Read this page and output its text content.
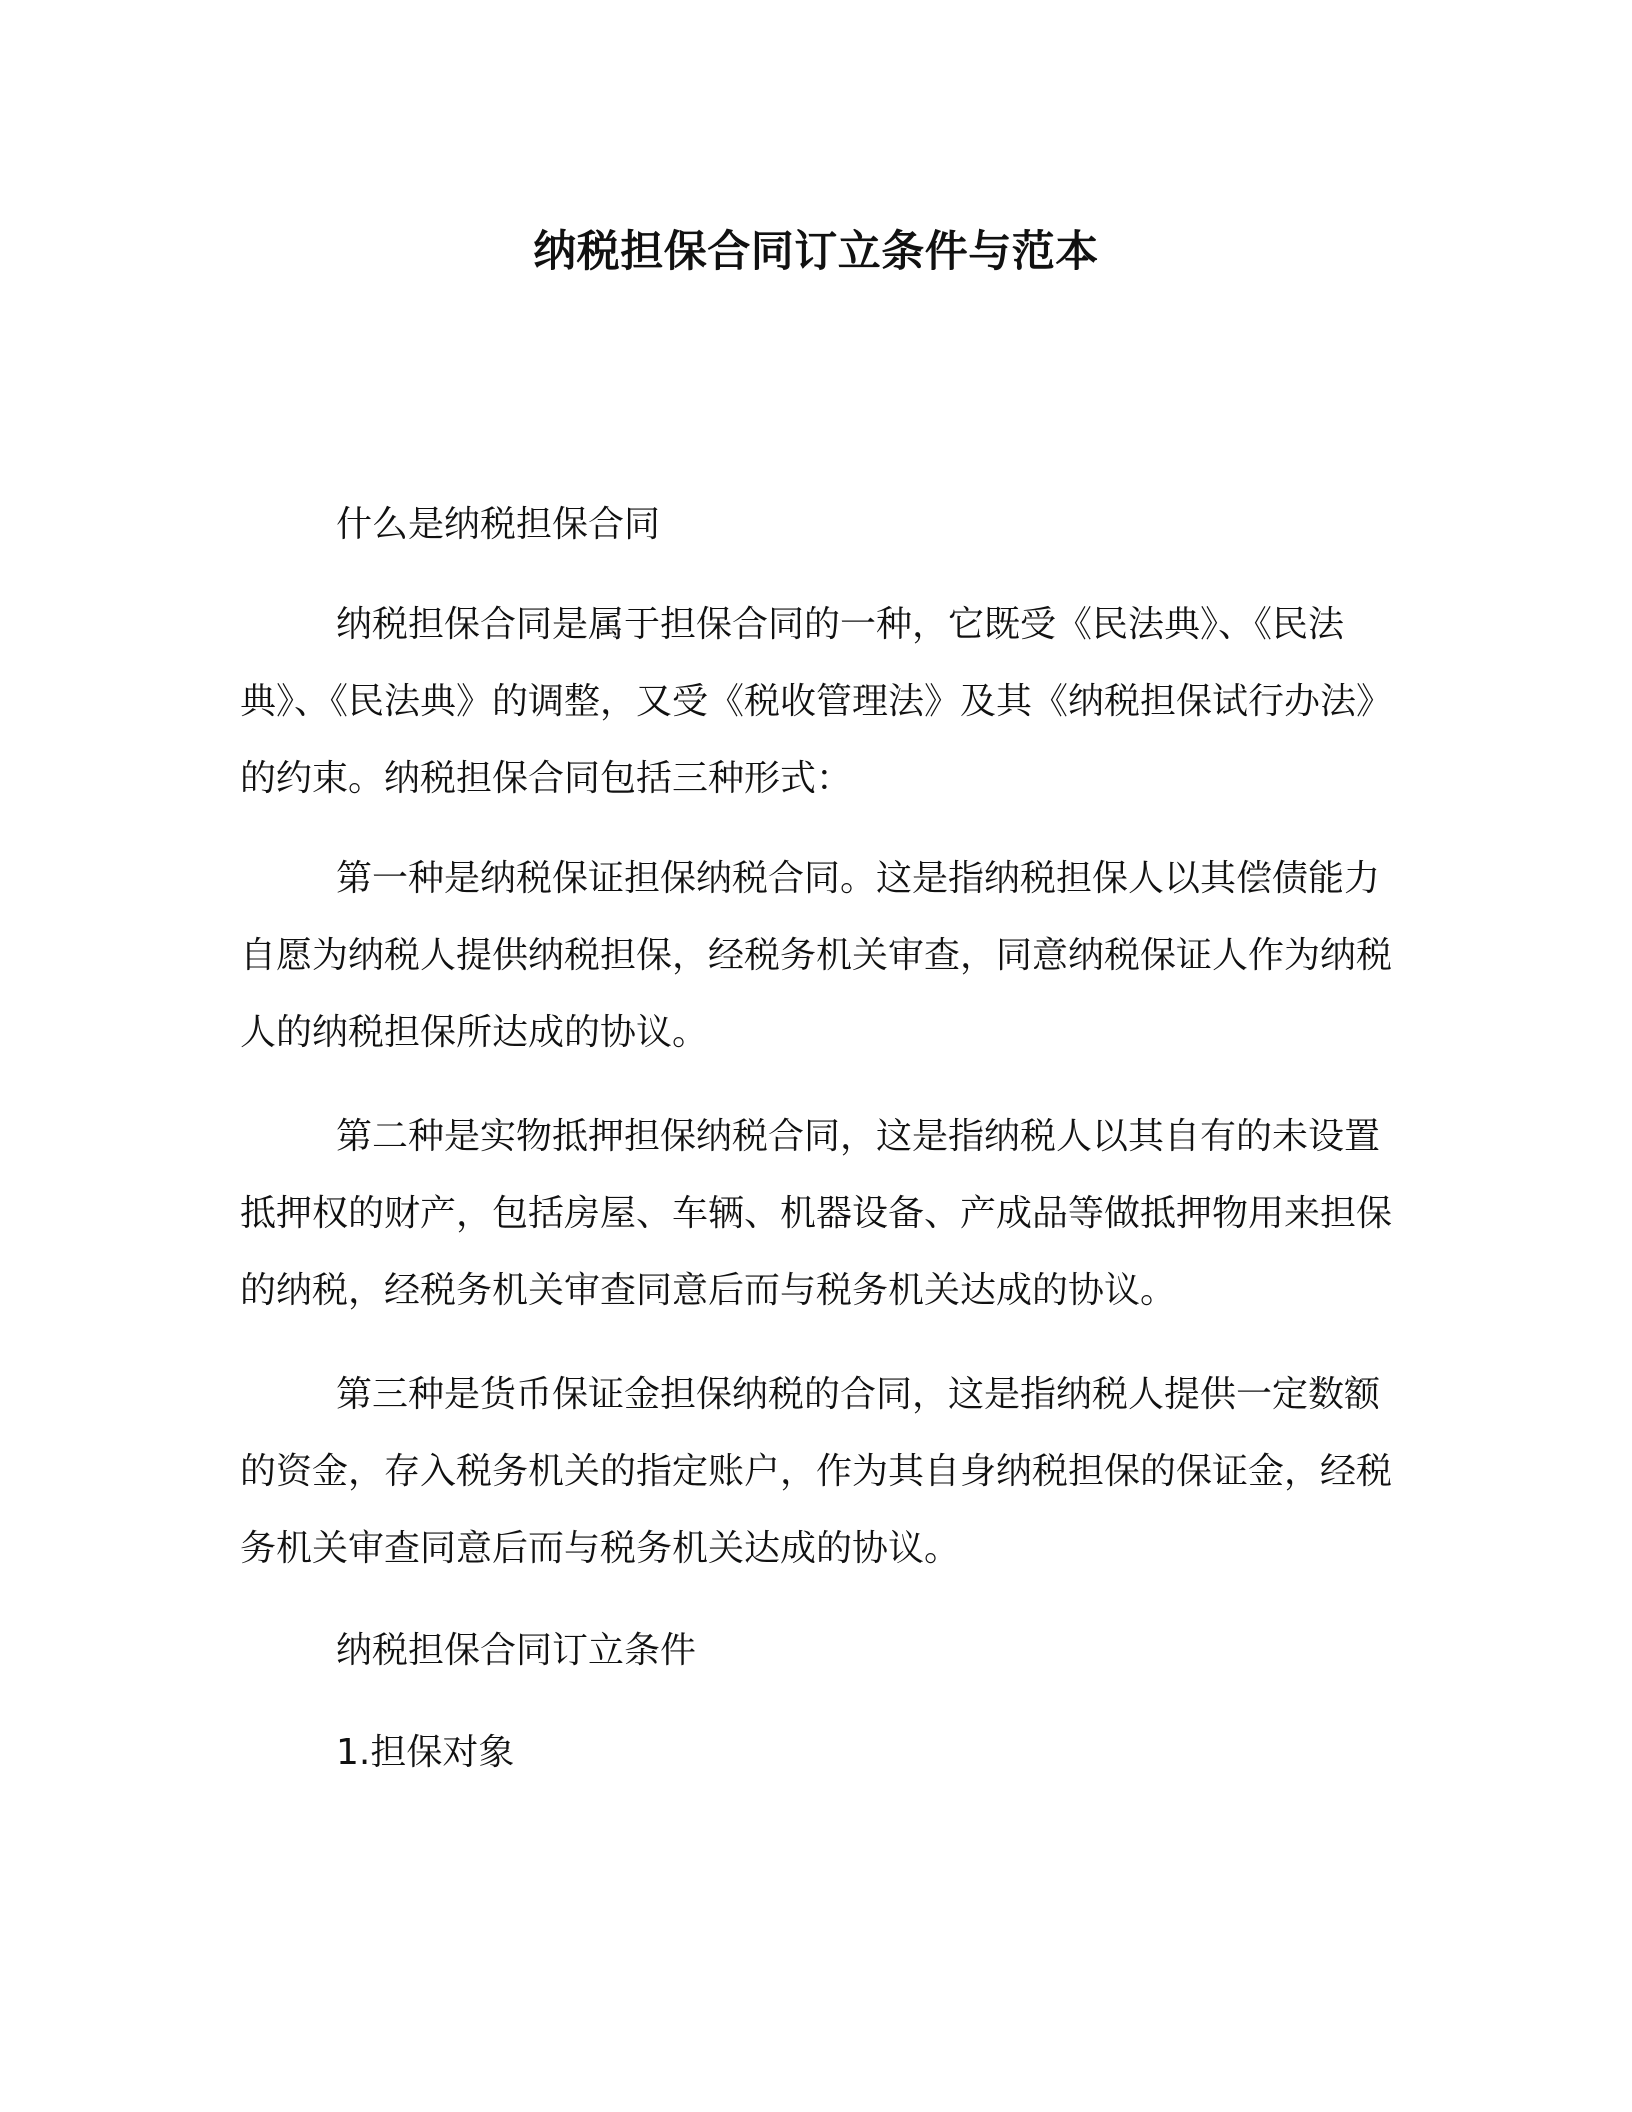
纳税担保合同订立条件与范本

什么是纳税担保合同

纳税担保合同是属于担保合同的一种，它既受《民法典》、《民法典》、《民法典》的调整，又受《税收管理法》及其《纳税担保试行办法》的约束。纳税担保合同包括三种形式：

第一种是纳税保证担保纳税合同。这是指纳税担保人以其偿债能力自愿为纳税人提供纳税担保，经税务机关审查，同意纳税保证人作为纳税人的纳税担保所达成的协议。

第二种是实物抵押担保纳税合同，这是指纳税人以其自有的未设置抵押权的财产，包括房屋、车辆、机器设备、产成品等做抵押物用来担保的纳税，经税务机关审查同意后而与税务机关达成的协议。

第三种是货币保证金担保纳税的合同，这是指纳税人提供一定数额的资金，存入税务机关的指定账户，作为其自身纳税担保的保证金，经税务机关审查同意后而与税务机关达成的协议。

纳税担保合同订立条件

1.担保对象
